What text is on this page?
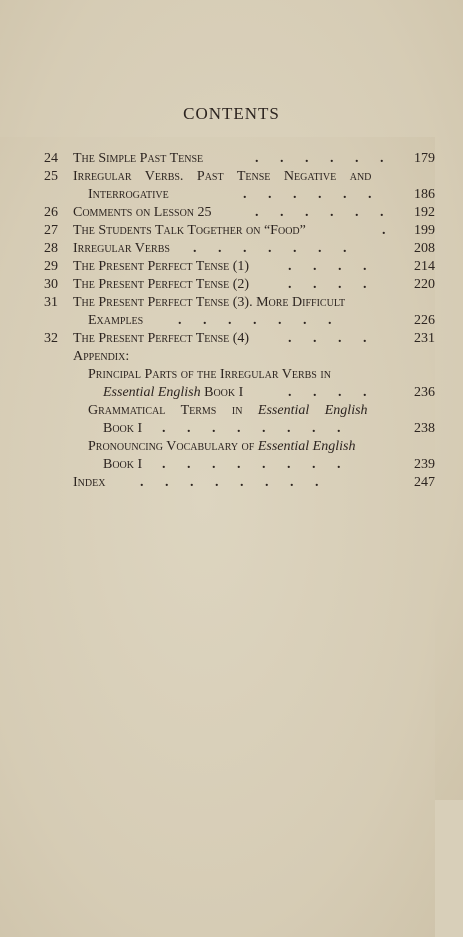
CONTENTS
24 The Simple Past Tense	. . . . . . 179
25 Irregular Verbs. Past Tense Negative and
Interrogative	. . . . . . 186
26 Comments on Lesson 25	. . . . . . 192
27 The Students Talk Together on “Food”	. 199
28 Irregular Verbs . . . . . . .	208
29 The Present Perfect Tense (1)	. . . .	214
30 The Present Perfect Tense (2)	. . . .	220
31 The Present Perfect Tense (3). More Difficult
Examples . . . . . . .	226
32 The Present Perfect Tense (4)	. . . .	231
Appendix:
Principal Parts of the Irregular Verbs in
Essential English Book I	. . . .	236
Grammatical Terms in Essential English
Book I . . . . . . . .	238
Pronouncing Vocabulary of Essential English
Book I . . . . . . . .	239
Index . . . . . . . .	247
